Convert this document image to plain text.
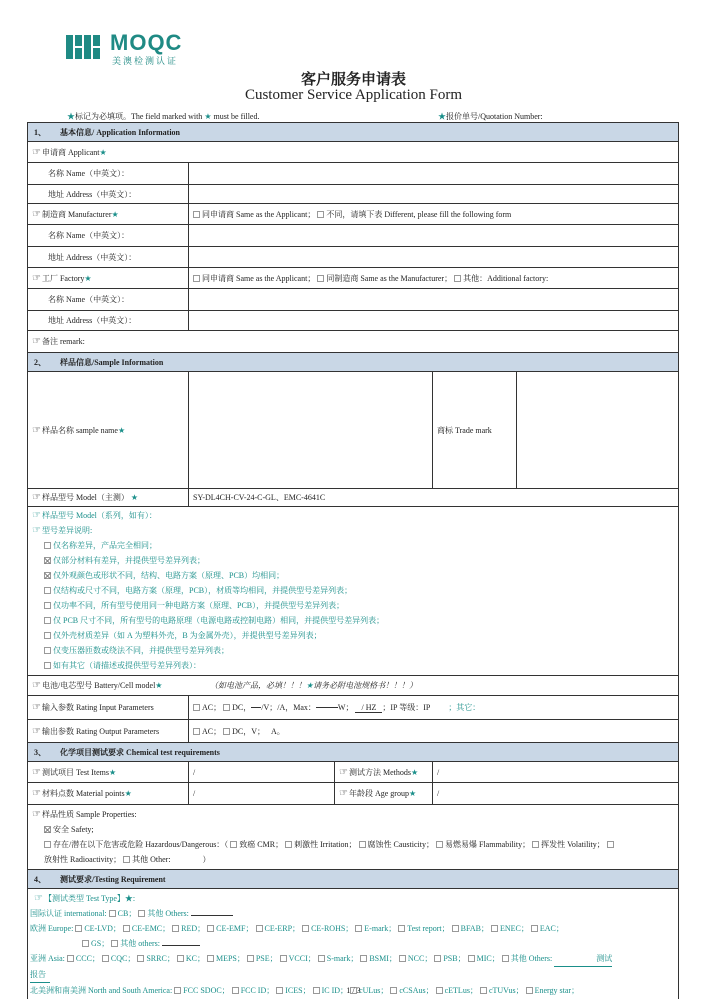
MOQC
美澳检测认证
客户服务申请表
Customer Service Application Form
★标记为必填项。The field marked with ★ must be filled.	★报价单号/Quotation Number:
1、 基本信息/ Application Information
☞ 申请商 Applicant ★
名称 Name（中英文）：
地址 Address（中英文）：
☞ 制造商 Manufacturer ★	同申请商 Same as the Applicant；
不同，请填下表 Different, please fill the following form
名称 Name（中英文）：
地址 Address（中英文）：
☞ 工厂 Factory ★	同申请商 Same as the Applicant；
同制造商 Same as the Manufacturer；
其他：Additional factory:
名称 Name（中英文）：
地址 Address（中英文）：
☞ 备注 remark:
2、 样品信息/Sample Information
☞ 样品名称 sample name ★	商标 Trade mark
☞ 样品型号 Model（主测）
★	SY-DL4CH-CV-24-C-GL、EMC-4641C
☞样品型号 Model（系列，如有）：
☞型号差异说明:
仅名称差异，产品完全相同；
仅部分材料有差异，并提供型号差异列表；
仅外观颜色或形状不同，结构、电路方案（原理、PCB）均相同；
仅结构或尺寸不同，电路方案（原理，PCB），材质等均相同，并提供型号差异列表；
仅功率不同，所有型号使用同一种电路方案（原理、PCB），并提供型号差异列表；
仅 PCB 尺寸不同，所有型号的电路原理（电源电路或控制电路）相同，并提供型号差异列表；
仅外壳材质差异（如 A 为塑料外壳，B 为金属外壳），并提供型号差异列表；
仅变压器匝数或绕法不同，并提供型号差异列表；
如有其它（请描述或提供型号差异列表）：
☞ 电池/电芯型号 Battery/Cell model ★	（如电池产品，必填！！！ ★ 请务必附电池规格书！！！）
☞ 输入参数 Rating Input Parameters	AC；
DC， /V； /A，Max：	W；
	/ HZ ；IP 等级：IP ；其它：
☞ 输出参数 Rating Output Parameters	AC；
DC， V；
A。
3、 化学项目测试要求 Chemical test requirements
☞ 测试项目 Test Items ★	/	☞ 测试方法 Methods ★	/
☞ 材料点数 Material points ★	/	☞ 年龄段 Age group ★	/
☞样品性质 Sample Properties:
安全 Safety;
存在/潜在以下危害或危险 Hazardous/Dangerous：（ 致癌 CMR； 刺激性 Irritation； 腐蚀性 Causticity； 易燃易爆 Flammability； 挥发性 Volatility；
放射性 Radioactivity； 其他 Other:	）
4、 测试要求/Testing Requirement
☞【测试类型 Test Type】★:
国际认证 international: CB； 其他 Others:
欧洲 Europe: CE-LVD； CE-EMC； RED； CE-EMF； CE-ERP； CE-ROHS； E-mark； Test report； BFAB； ENEC； EAC；
GS； 其他 others:
亚洲 Asia: CCC； CQC； SRRC； KC； MEPS； PSE； VCCI； S-mark； BSMI； NCC； PSB； MIC； 其他 Others:	测试
报告
北美洲和南美洲 North and South America: FCC SDOC； FCC ID； ICES； IC ID； cULus； cCSAus； cETLus； cTUVus； Energy star；
1 / 3
